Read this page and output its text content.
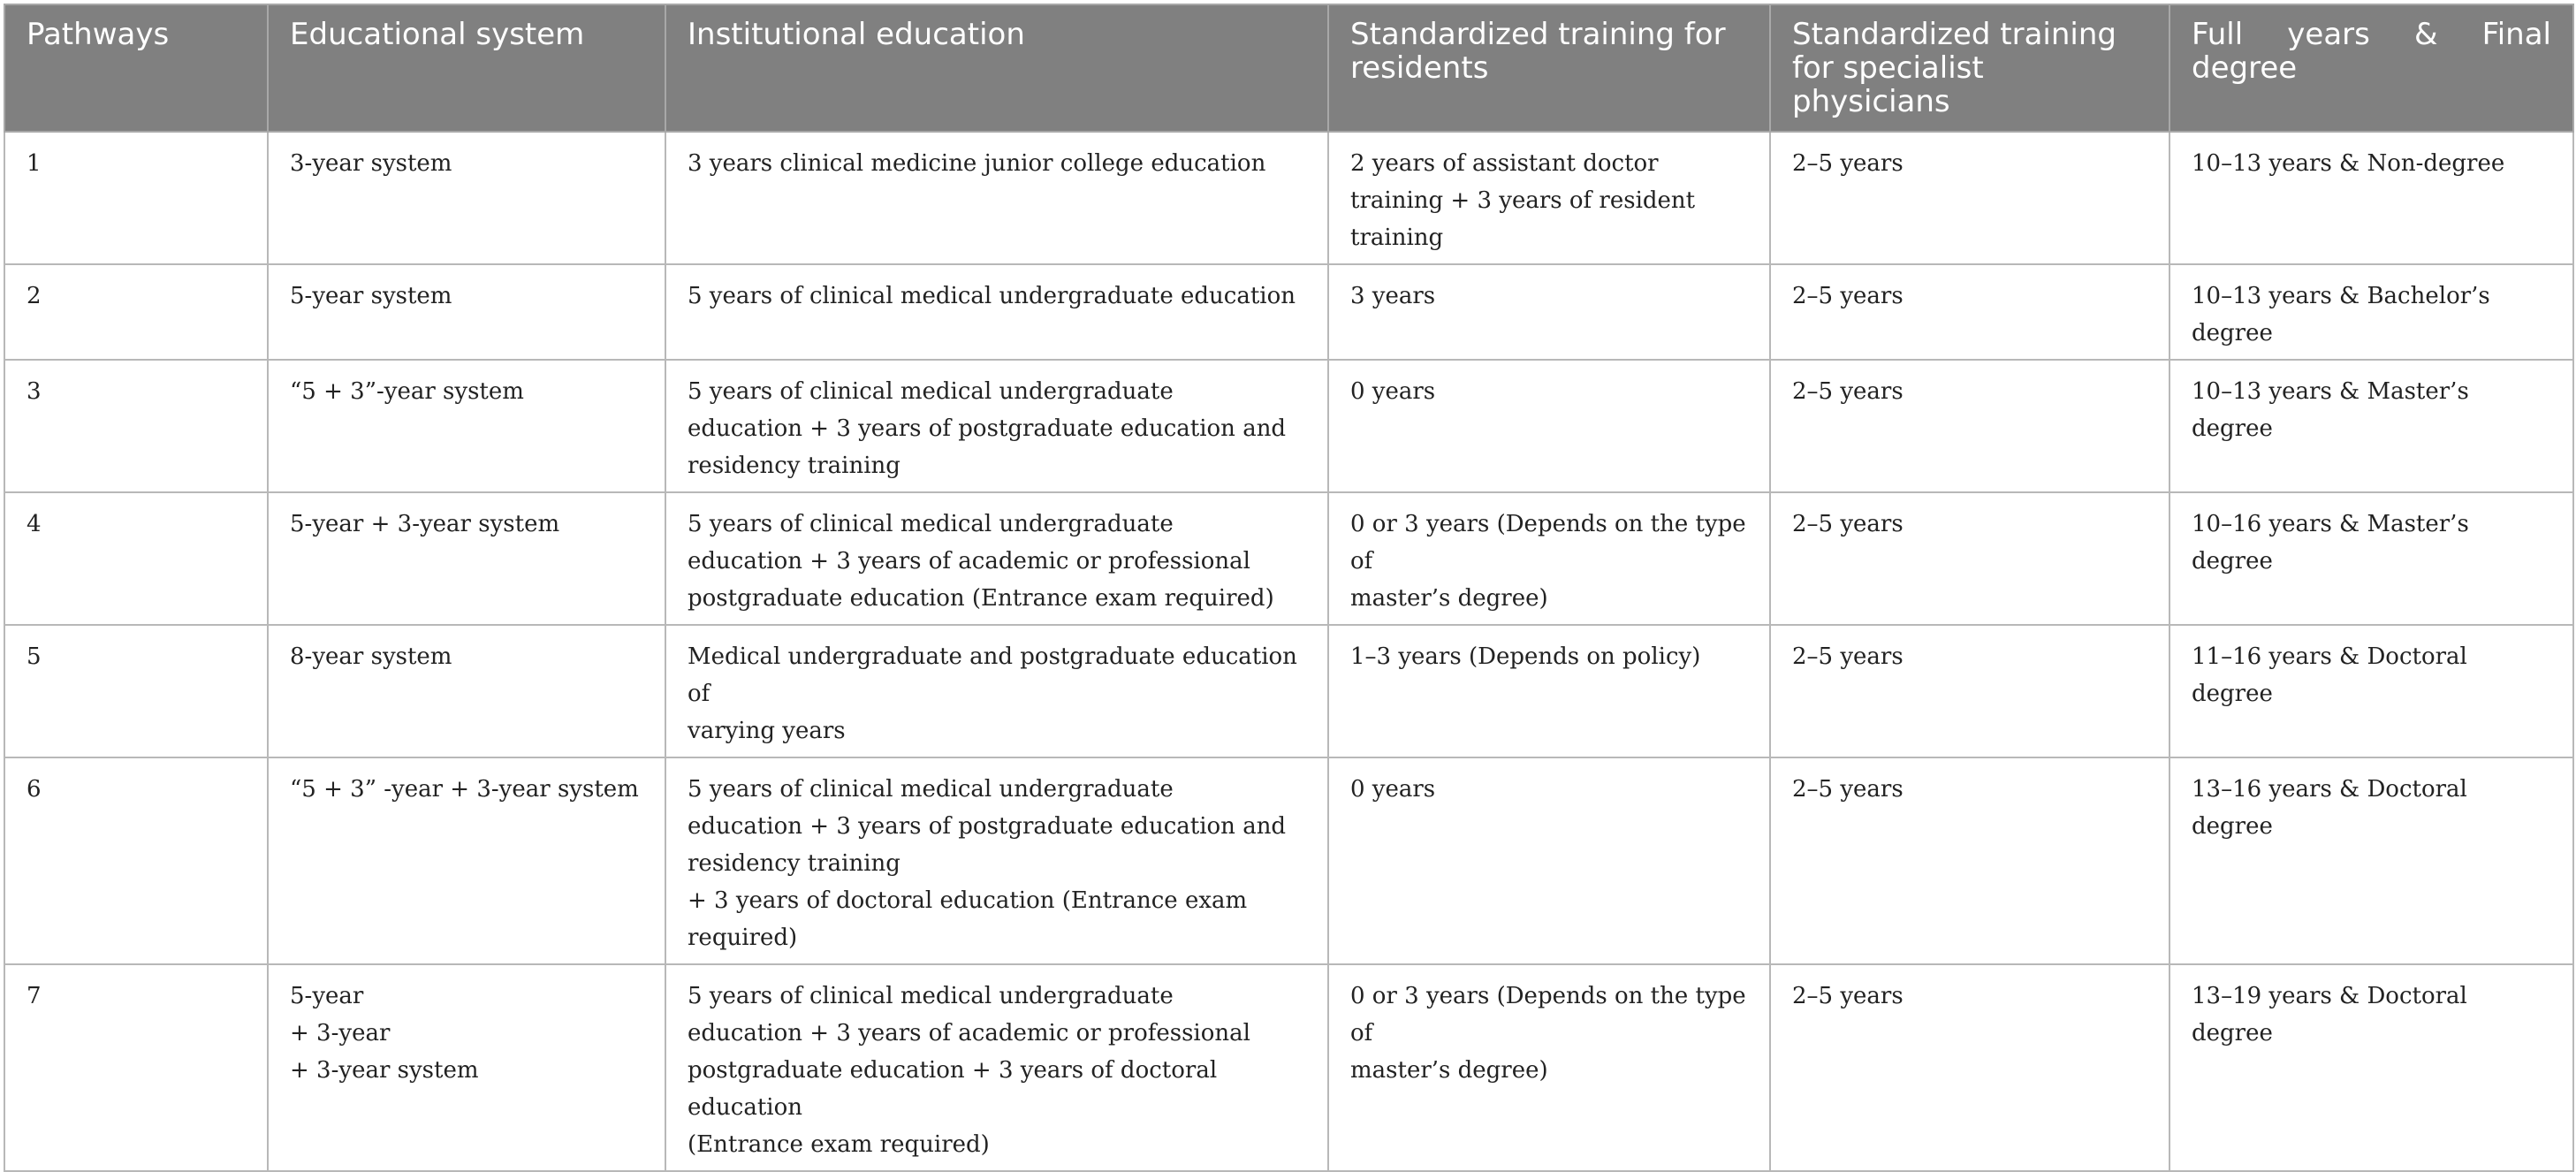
Pathways	Educational system	Institutional education	Standardized training for residents	Standardized training for specialist physicians	Full years & Final degree
1	3-year system	3 years clinical medicine junior college education	2 years of assistant doctor
training + 3 years of resident training	2–5 years	10–13 years & Non-degree
2	5-year system	5 years of clinical medical undergraduate education	3 years	2–5 years	10–13 years & Bachelor’s degree
3	“5 + 3”-year system	5 years of clinical medical undergraduate
education + 3 years of postgraduate education and
residency training	0 years	2–5 years	10–13 years & Master’s degree
4	5-year + 3-year system	5 years of clinical medical undergraduate
education + 3 years of academic or professional
postgraduate education (Entrance exam required)	0 or 3 years (Depends on the type of
master’s degree)	2–5 years	10–16 years & Master’s degree
5	8-year system	Medical undergraduate and postgraduate education of
varying years	1–3 years (Depends on policy)	2–5 years	11–16 years & Doctoral degree
6	“5 + 3” -year + 3-year system	5 years of clinical medical undergraduate
education + 3 years of postgraduate education and
residency training
+ 3 years of doctoral education (Entrance exam required)	0 years	2–5 years	13–16 years & Doctoral degree
7	5-year
+ 3-year
+ 3-year system	5 years of clinical medical undergraduate
education + 3 years of academic or professional
postgraduate education + 3 years of doctoral education
(Entrance exam required)	0 or 3 years (Depends on the type of
master’s degree)	2–5 years	13–19 years & Doctoral degree
